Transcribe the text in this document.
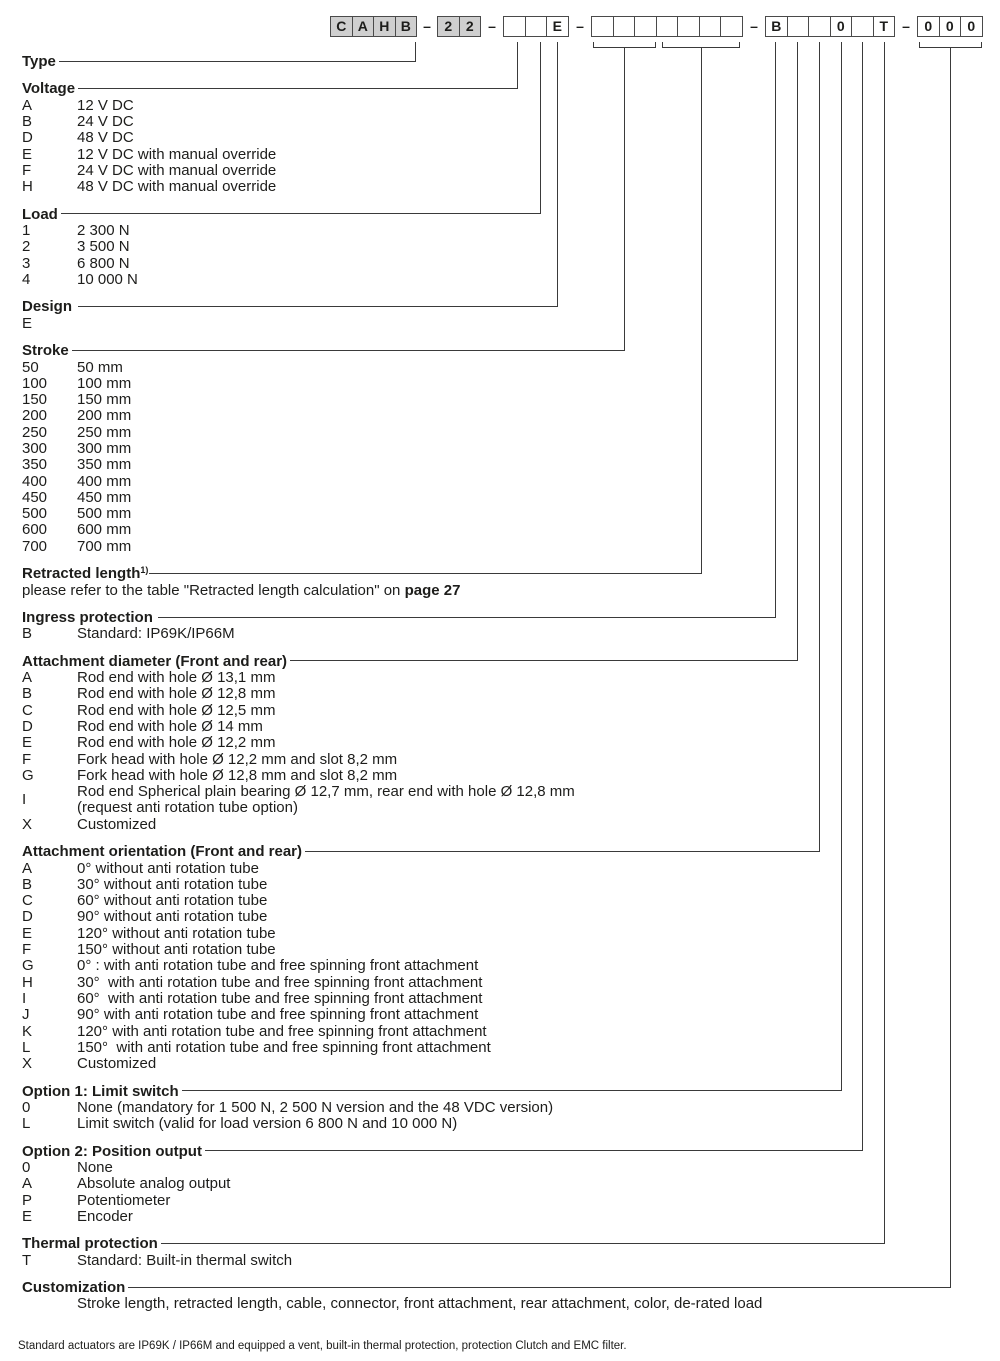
C A H B – 2 2	–	E	–	– B	0	T	–	0 0 0
Type
Voltage
A	12 V DC
B	24 V DC
D	48 V DC
E	12 V DC with manual override
F	24 V DC with manual override
H	48 V DC with manual override
Load
1	2 300 N
2	3 500 N
3	6 800 N
4	10 000 N
Design
E
Stroke
50	50 mm
100	100 mm
150	150 mm
200	200 mm
250	250 mm
300	300 mm
350	350 mm
400	400 mm
450	450 mm
500	500 mm
600	600 mm
700	700 mm
Retracted length$^{1)}$
please refer to the table "Retracted length calculation" on page 27
Ingress protection
B	Standard: IP69K/IP66M
Attachment diameter (Front and rear)
A	Rod end with hole Ø 13,1 mm
B	Rod end with hole Ø 12,8 mm
C	Rod end with hole Ø 12,5 mm
D	Rod end with hole Ø 14 mm
E	Rod end with hole Ø 12,2 mm
F	Fork head with hole Ø 12,2 mm and slot 8,2 mm
G	Fork head with hole Ø 12,8 mm and slot 8,2 mm
I	Rod end Spherical plain bearing Ø 12,7 mm, rear end with hole Ø 12,8 mm
(request anti rotation tube option)
X	Customized
Attachment orientation (Front and rear)
A	0° without anti rotation tube
B	30° without anti rotation tube
C	60° without anti rotation tube
D	90° without anti rotation tube
E	120° without anti rotation tube
F	150° without anti rotation tube
G	0° : with anti rotation tube and free spinning front attachment
H	30°  with anti rotation tube and free spinning front attachment
I	60°  with anti rotation tube and free spinning front attachment
J	90° with anti rotation tube and free spinning front attachment
K	120° with anti rotation tube and free spinning front attachment
L	150°  with anti rotation tube and free spinning front attachment
X	Customized
Option 1: Limit switch
0	None (mandatory for 1 500 N, 2 500 N version and the 48 VDC version)
L	Limit switch (valid for load version 6 800 N and 10 000 N)
Option 2: Position output
0	None
A	Absolute analog output
P	Potentiometer
E	Encoder
Thermal protection
T	Standard: Built-in thermal switch
Customization
Stroke length, retracted length, cable, connector, front attachment, rear attachment, color, de-rated load
Standard actuators are IP69K / IP66M and equipped a vent, built-in thermal protection, protection Clutch and EMC filter.
